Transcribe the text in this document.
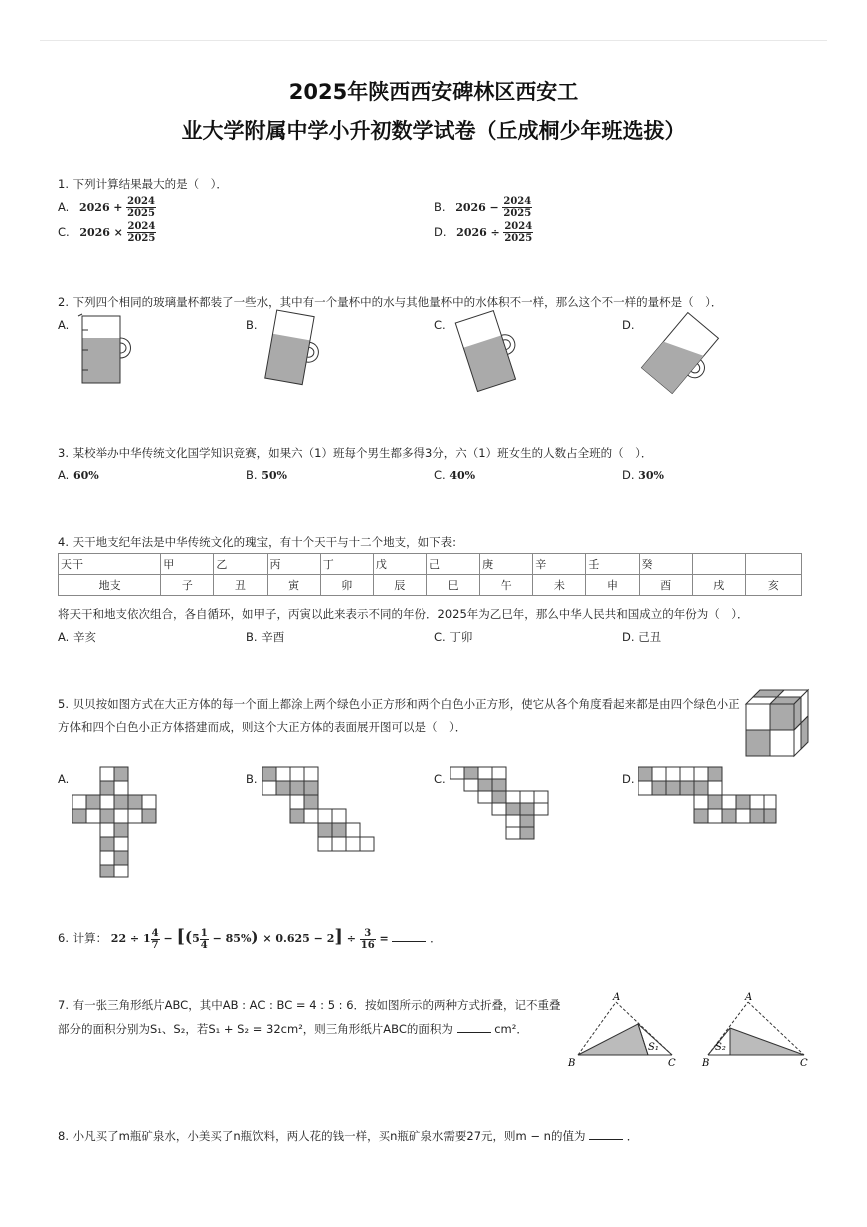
2025年陕西西安碑林区西安工
业大学附属中学小升初数学试卷（丘成桐少年班选拔）
1. 下列计算结果最大的是（　）．
A. $2026 + \frac{2024}{2025}$	B. $2026 - \frac{2024}{2025}$
C. $2026 \times \frac{2024}{2025}$	D. $2026 \div \frac{2024}{2025}$
2. 下列四个相同的玻璃量杯都装了一些水，其中有一个量杯中的水与其他量杯中的水体积不一样，那么这个不一样的量杯是（　）．
A.	B.	C.	D.
3. 某校举办中华传统文化国学知识竞赛，如果六（1）班每个男生都多得3分，六（1）班女生的人数占全班的（　）．
A. 60%	B. 50%	C. 40%	D. 30%
4. 天干地支纪年法是中华传统文化的瑰宝，有十个天干与十二个地支，如下表:
天干	甲	乙	丙	丁	戊	己	庚	辛	壬	癸		
地支	子	丑	寅	卯	辰	巳	午	未	申	酉	戌	亥
将天干和地支依次组合，各自循环，如甲子，丙寅以此来表示不同的年份．2025年为乙巳年，那么中华人民共和国成立的年份为（　）．
A. 辛亥	B. 辛酉	C. 丁卯	D. 己丑
5. 贝贝按如图方式在大正方体的每一个面上都涂上两个绿色小正方形和两个白色小正方形，使它从各个角度看起来都是由四个绿色小正
方体和四个白色小正方体搭建而成，则这个大正方体的表面展开图可以是（　）．
A.	B.	C.	D.
6. 计算： $22 \div 1 \frac{4}{7} - [(5 \frac{1}{4} - 85\%) \times 0.625 - 2] \div \frac{3}{16}$ =	．
7. 有一张三角形纸片ABC，其中AB : AC : BC = 4 : 5 : 6．按如图所示的两种方式折叠，记不重叠
部分的面积分别为S₁、S₂，若S₁ + S₂ = 32cm²，则三角形纸片ABC的面积为	cm²．
A
B	C
S₁
A
B	C
S₂
8. 小凡买了m瓶矿泉水，小美买了n瓶饮料，两人花的钱一样，买n瓶矿泉水需要27元，则m − n的值为	．
